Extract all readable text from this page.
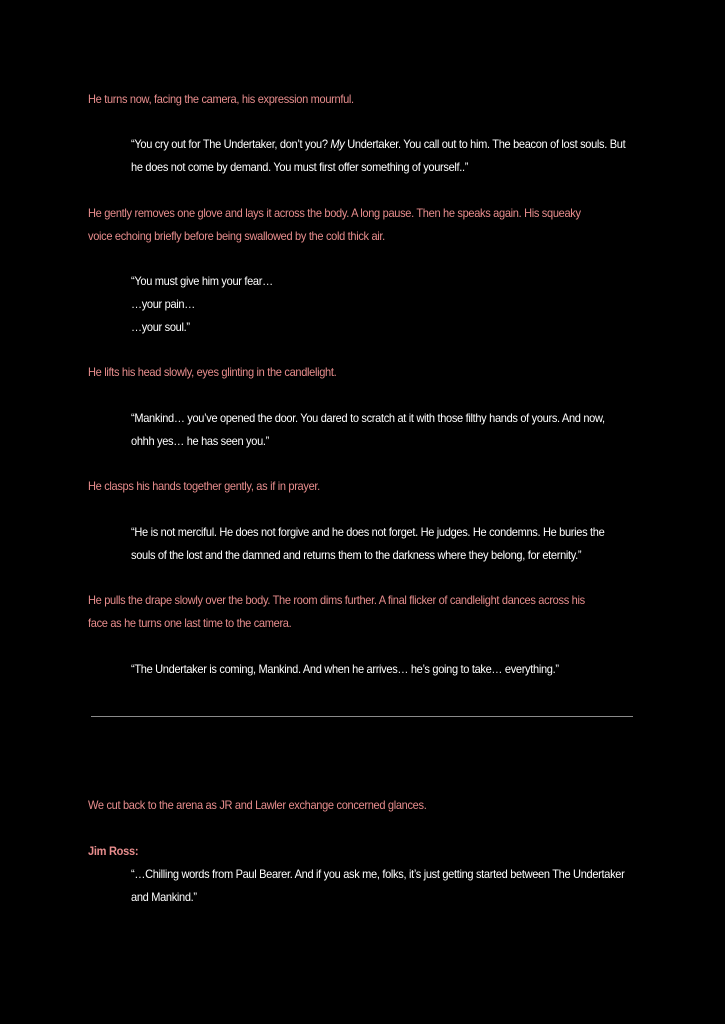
He turns now, facing the camera, his expression mournful.
“You cry out for The Undertaker, don’t you? My Undertaker. You call out to him. The beacon of lost souls. But he does not come by demand. You must first offer something of yourself..”
He gently removes one glove and lays it across the body. A long pause. Then he speaks again. His squeaky voice echoing briefly before being swallowed by the cold thick air.
“You must give him your fear…
…your pain…
…your soul.”
He lifts his head slowly, eyes glinting in the candlelight.
“Mankind… you’ve opened the door. You dared to scratch at it with those filthy hands of yours. And now, ohhh yes… he has seen you.”
He clasps his hands together gently, as if in prayer.
“He is not merciful. He does not forgive and he does not forget. He judges. He condemns. He buries the souls of the lost and the damned and returns them to the darkness where they belong, for eternity.”
He pulls the drape slowly over the body. The room dims further. A final flicker of candlelight dances across his face as he turns one last time to the camera.
“The Undertaker is coming, Mankind. And when he arrives… he’s going to take… everything.”
We cut back to the arena as JR and Lawler exchange concerned glances.
Jim Ross:
“…Chilling words from Paul Bearer. And if you ask me, folks, it’s just getting started between The Undertaker and Mankind.”
